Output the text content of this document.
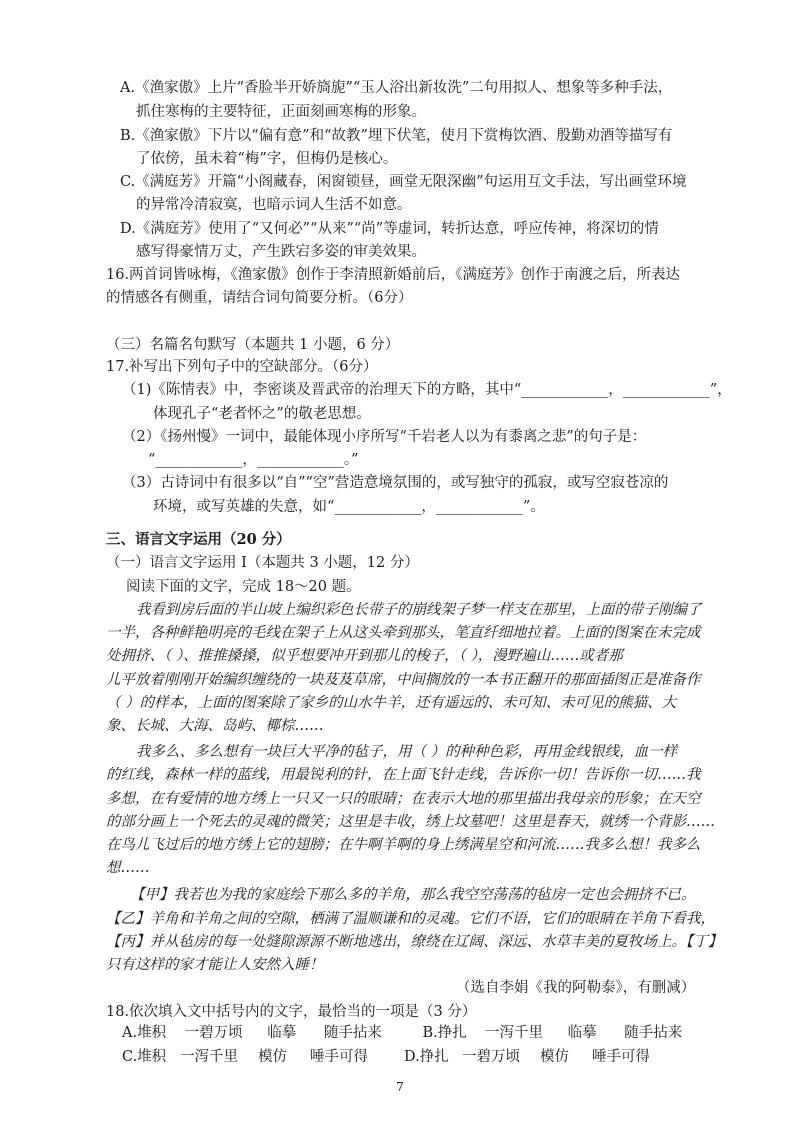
A.《渔家傲》上片“香脸半开娇旖旎”“玉人浴出新妆洗”二句用拟人、想象等多种手法，
抓住寒梅的主要特征，正面刻画寒梅的形象。
B.《渔家傲》下片以“偏有意”和“故教”埋下伏笔，使月下赏梅饮酒、殷勤劝酒等描写有
了依傍，虽未着“梅”字，但梅仍是核心。
C.《满庭芳》开篇“小阁藏春，闲窗锁昼，画堂无限深幽”句运用互文手法，写出画堂环境
的异常冷清寂寞，也暗示词人生活不如意。
D.《满庭芳》使用了“又何必”“从来”“尚”等虚词，转折达意，呼应传神，将深切的情
感写得豪情万丈，产生跌宕多姿的审美效果。
16.两首词皆咏梅，《渔家傲》创作于李清照新婚前后，《满庭芳》创作于南渡之后，所表达
的情感各有侧重，请结合词句简要分析。（6分）
（三）名篇名句默写（本题共 1 小题，6 分）
17.补写出下列句子中的空缺部分。（6分）
（1)《陈情表》中，李密谈及晋武帝的治理天下的方略，其中“____________，____________”，
体现孔子“老者怀之”的敬老思想。
（2）《扬州慢》一词中，最能体现小序所写“千岩老人以为有黍离之悲”的句子是：
“____________，____________。”
（3）古诗词中有很多以“自”“空”营造意境氛围的，或写独守的孤寂，或写空寂苍凉的
环境，或写英雄的失意，如“____________，____________”。
三、语言文字运用（20 分）
（一）语言文字运用 Ⅰ（本题共 3 小题，12 分）
阅读下面的文字，完成 18～20 题。
我看到房后面的半山坡上编织彩色长带子的崩线架子梦一样支在那里，上面的带子刚编了
一半，各种鲜艳明亮的毛线在架子上从这头牵到那头，笔直纤细地拉着。上面的图案在未完成
处拥挤、（ ）、推推搡搡，似乎想要冲开到那儿的梭子，（ ），漫野遍山……或者那
儿平放着刚刚开始编织缠绕的一块芨芨草席，中间搁放的一本书正翻开的那面插图正是准备作
（ ）的样本，上面的图案除了家乡的山水牛羊，还有遥远的、未可知、未可见的熊猫、大
象、长城、大海、岛屿、椰棕……
我多么、多么想有一块巨大平净的毡子，用（ ）的种种色彩，再用金线银线，血一样
的红线，森林一样的蓝线，用最锐利的针，在上面飞针走线，告诉你一切！告诉你一切……我
多想，在有爱情的地方绣上一只又一只的眼睛；在表示大地的那里描出我母亲的形象；在天空
的部分画上一个死去的灵魂的微笑；这里是丰收，绣上坟墓吧！这里是春天，就绣一个背影……
在鸟儿飞过后的地方绣上它的翅膀；在牛啊羊啊的身上绣满星空和河流……我多么想！我多么
想……
【甲】我若也为我的家庭绘下那么多的羊角，那么我空空荡荡的毡房一定也会拥挤不已。
【乙】羊角和羊角之间的空隙，栖满了温顺谦和的灵魂。它们不语，它们的眼睛在羊角下看我，
【丙】并从毡房的每一处缝隙源源不断地逃出，缭绕在辽阔、深远、水草丰美的夏牧场上。【丁】
只有这样的家才能让人安然入睡！
（选自李娟《我的阿勒泰》，有删减）
18.依次填入文中括号内的文字，最恰当的一项是（3 分）
A.堆积 一碧万顷 临摹 随手拈来	B.挣扎 一泻千里 临摹 随手拈来
C.堆积 一泻千里 模仿 唾手可得 D.挣扎 一碧万顷 模仿 唾手可得
7
